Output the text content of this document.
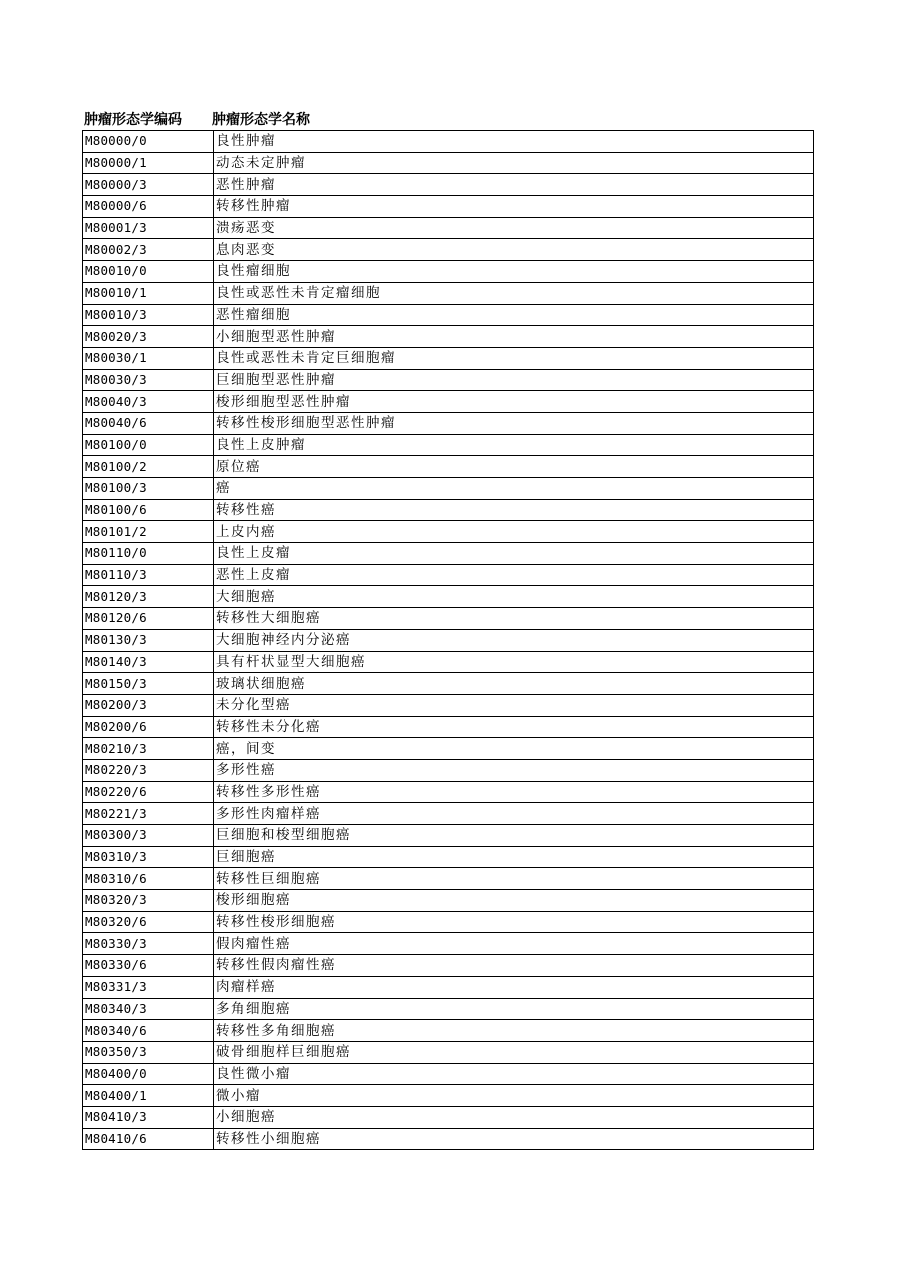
肿瘤形态学编码	肿瘤形态学名称
M80000/0	良性肿瘤
M80000/1	动态未定肿瘤
M80000/3	恶性肿瘤
M80000/6	转移性肿瘤
M80001/3	溃疡恶变
M80002/3	息肉恶变
M80010/0	良性瘤细胞
M80010/1	良性或恶性未肯定瘤细胞
M80010/3	恶性瘤细胞
M80020/3	小细胞型恶性肿瘤
M80030/1	良性或恶性未肯定巨细胞瘤
M80030/3	巨细胞型恶性肿瘤
M80040/3	梭形细胞型恶性肿瘤
M80040/6	转移性梭形细胞型恶性肿瘤
M80100/0	良性上皮肿瘤
M80100/2	原位癌
M80100/3	癌
M80100/6	转移性癌
M80101/2	上皮内癌
M80110/0	良性上皮瘤
M80110/3	恶性上皮瘤
M80120/3	大细胞癌
M80120/6	转移性大细胞癌
M80130/3	大细胞神经内分泌癌
M80140/3	具有杆状显型大细胞癌
M80150/3	玻璃状细胞癌
M80200/3	未分化型癌
M80200/6	转移性未分化癌
M80210/3	癌，间变
M80220/3	多形性癌
M80220/6	转移性多形性癌
M80221/3	多形性肉瘤样癌
M80300/3	巨细胞和梭型细胞癌
M80310/3	巨细胞癌
M80310/6	转移性巨细胞癌
M80320/3	梭形细胞癌
M80320/6	转移性梭形细胞癌
M80330/3	假肉瘤性癌
M80330/6	转移性假肉瘤性癌
M80331/3	肉瘤样癌
M80340/3	多角细胞癌
M80340/6	转移性多角细胞癌
M80350/3	破骨细胞样巨细胞癌
M80400/0	良性微小瘤
M80400/1	微小瘤
M80410/3	小细胞癌
M80410/6	转移性小细胞癌
